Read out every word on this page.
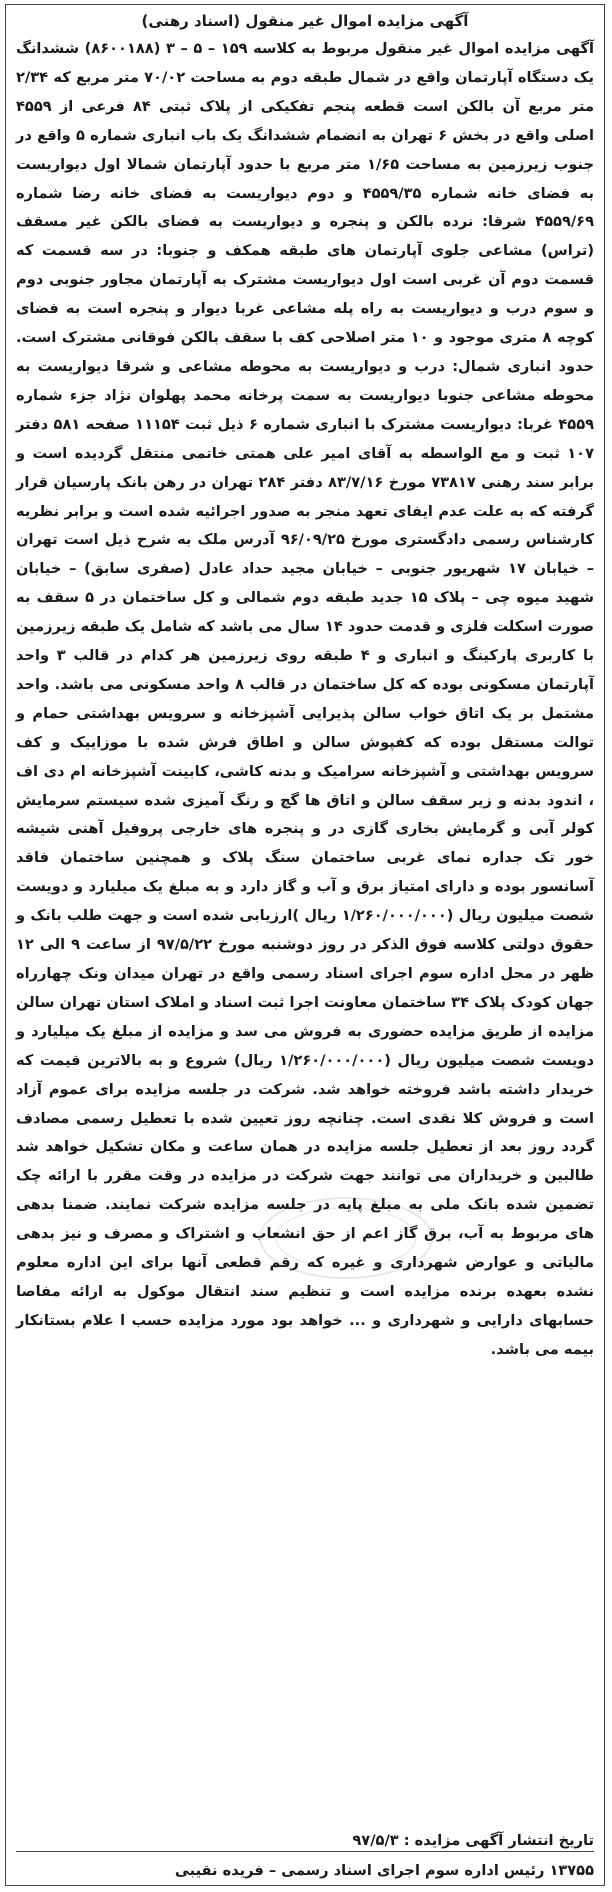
آگهی مزایده اموال غیر منقول (اسناد رهنی)
آگهی مزایده اموال غیر منقول مربوط به کلاسه ۱۵۹ – ۵ – ۳ (۸۶۰۰۱۸۸) ششدانگ یک دستگاه آپارتمان واقع در شمال طبقه دوم به مساحت ۷۰/۰۲ متر مربع که ۲/۳۴ متر مربع آن بالکن است قطعه پنجم تفکیکی از پلاک ثبتی ۸۴ فرعی از ۴۵۵۹ اصلی واقع در بخش ۶ تهران به انضمام ششدانگ یک باب انباری شماره ۵ واقع در جنوب زیرزمین به مساحت ۱/۶۵ متر مربع با حدود آپارتمان شمالا اول دیواریست به فضای خانه شماره ۴۵۵۹/۳۵ و دوم دیواریست به فضای خانه رضا شماره ۴۵۵۹/۶۹ شرقا: نرده بالکن و پنجره و دیواریست به فضای بالکن غیر مسقف (تراس) مشاعی جلوی آپارتمان های طبقه همکف و جنوبا: در سه قسمت که قسمت دوم آن غربی است اول دیواریست مشترک به آپارتمان مجاور جنوبی دوم و سوم درب و دیواریست به راه پله مشاعی غربا دیوار و پنجره است به فضای کوچه ۸ متری موجود و ۱۰ متر اصلاحی کف با سقف بالکن فوقانی مشترک است. حدود انباری شمال: درب و دیواریست به محوطه مشاعی و شرقا دیواریست به محوطه مشاعی جنوبا دیواریست به سمت پرخانه محمد پهلوان نژاد جزء شماره ۴۵۵۹ غربا: دیواریست مشترک با انباری شماره ۶ ذیل ثبت ۱۱۱۵۴ صفحه ۵۸۱ دفتر ۱۰۷ ثبت و مع الواسطه به آقای امیر علی همتی خاتمی منتقل گردیده است و برابر سند رهنی ۷۳۸۱۷ مورخ ۸۳/۷/۱۶ دفتر ۲۸۴ تهران در رهن بانک پارسیان قرار گرفته که به علت عدم ایفای تعهد منجر به صدور اجرائیه شده است و برابر نظریه کارشناس رسمی دادگستری مورخ ۹۶/۰۹/۲۵ آدرس ملک به شرح ذیل است تهران – خیابان ۱۷ شهریور جنوبی – خیابان مجید حداد عادل (صفری سابق) – خیابان شهید میوه چی – پلاک ۱۵ جدید طبقه دوم شمالی و کل ساختمان در ۵ سقف به صورت اسکلت فلزی و قدمت حدود ۱۴ سال می باشد که شامل یک طبقه زیرزمین با کاربری پارکینگ و انباری و ۴ طبقه روی زیرزمین هر کدام در قالب ۳ واحد آپارتمان مسکونی بوده که کل ساختمان در قالب ۸ واحد مسکونی می باشد. واحد مشتمل بر یک اتاق خواب سالن پذیرایی آشپزخانه و سرویس بهداشتی حمام و توالت مستقل بوده که کفپوش سالن و اطاق فرش شده با موزاییک و کف سرویس بهداشتی و آشپزخانه سرامیک و بدنه کاشی، کابینت آشپزخانه ام دی اف ، اندود بدنه و زیر سقف سالن و اتاق ها گچ و رنگ آمیزی شده سیستم سرمایش کولر آبی و گرمایش بخاری گازی در و پنجره های خارجی پروفیل آهنی شیشه خور تک جداره نمای غربی ساختمان سنگ پلاک و همچنین ساختمان فاقد آسانسور بوده و دارای امتیاز برق و آب و گاز دارد و به مبلغ یک میلیارد و دویست شصت میلیون ریال (۱/۲۶۰/۰۰۰/۰۰۰ ریال )ارزیابی شده است و جهت طلب بانک و حقوق دولتی کلاسه فوق الذکر در روز دوشنبه مورخ ۹۷/۵/۲۲ از ساعت ۹ الی ۱۲ ظهر در محل اداره سوم اجرای اسناد رسمی واقع در تهران میدان ونک چهارراه جهان کودک پلاک ۳۴ ساختمان معاونت اجرا ثبت اسناد و املاک استان تهران سالن مزایده از طریق مزایده حضوری به فروش می سد و مزایده از مبلغ یک میلیارد و دویست شصت میلیون ریال (۱/۲۶۰/۰۰۰/۰۰۰ ریال) شروع و به بالاترین قیمت که خریدار داشته باشد فروخته خواهد شد. شرکت در جلسه مزایده برای عموم آزاد است و فروش کلا نقدی است. چنانچه روز تعیین شده با تعطیل رسمی مصادف گردد روز بعد از تعطیل جلسه مزایده در همان ساعت و مکان تشکیل خواهد شد طالبین و خریداران می توانند جهت شرکت در مزایده در وقت مقرر با ارائه چک تضمین شده بانک ملی به مبلغ پایه در جلسه مزایده شرکت نمایند. ضمنا بدهی های مربوط به آب، برق گاز اعم از حق انشعاب و اشتراک و مصرف و نیز بدهی مالیاتی و عوارض شهرداری و غیره که رقم قطعی آنها برای این اداره معلوم نشده بعهده برنده مزایده است و تنظیم سند انتقال موکول به ارائه مفاصا حسابهای دارایی و شهرداری و ... خواهد بود مورد مزایده حسب ا علام بستانکار بیمه می باشد.
تاریخ انتشار آگهی مزایده : ۹۷/۵/۳
۱۳۷۵۵ رئیس اداره سوم اجرای اسناد رسمی – فریده نقیبی
